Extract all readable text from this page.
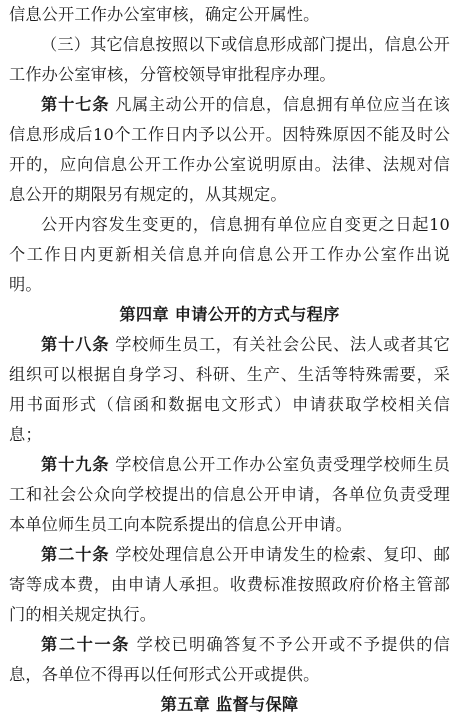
信息公开工作办公室审核，确定公开属性。

（三）其它信息按照以下或信息形成部门提出，信息公开工作办公室审核，分管校领导审批程序办理。

第十七条 凡属主动公开的信息，信息拥有单位应当在该信息形成后10个工作日内予以公开。因特殊原因不能及时公开的，应向信息公开工作办公室说明原由。法律、法规对信息公开的期限另有规定的，从其规定。

公开内容发生变更的，信息拥有单位应自变更之日起10个工作日内更新相关信息并向信息公开工作办公室作出说明。

第四章 申请公开的方式与程序

第十八条 学校师生员工，有关社会公民、法人或者其它组织可以根据自身学习、科研、生产、生活等特殊需要，采用书面形式（信函和数据电文形式）申请获取学校相关信息；

第十九条 学校信息公开工作办公室负责受理学校师生员工和社会公众向学校提出的信息公开申请，各单位负责受理本单位师生员工向本院系提出的信息公开申请。

第二十条 学校处理信息公开申请发生的检索、复印、邮寄等成本费，由申请人承担。收费标准按照政府价格主管部门的相关规定执行。

第二十一条 学校已明确答复不予公开或不予提供的信息，各单位不得再以任何形式公开或提供。

第五章 监督与保障
